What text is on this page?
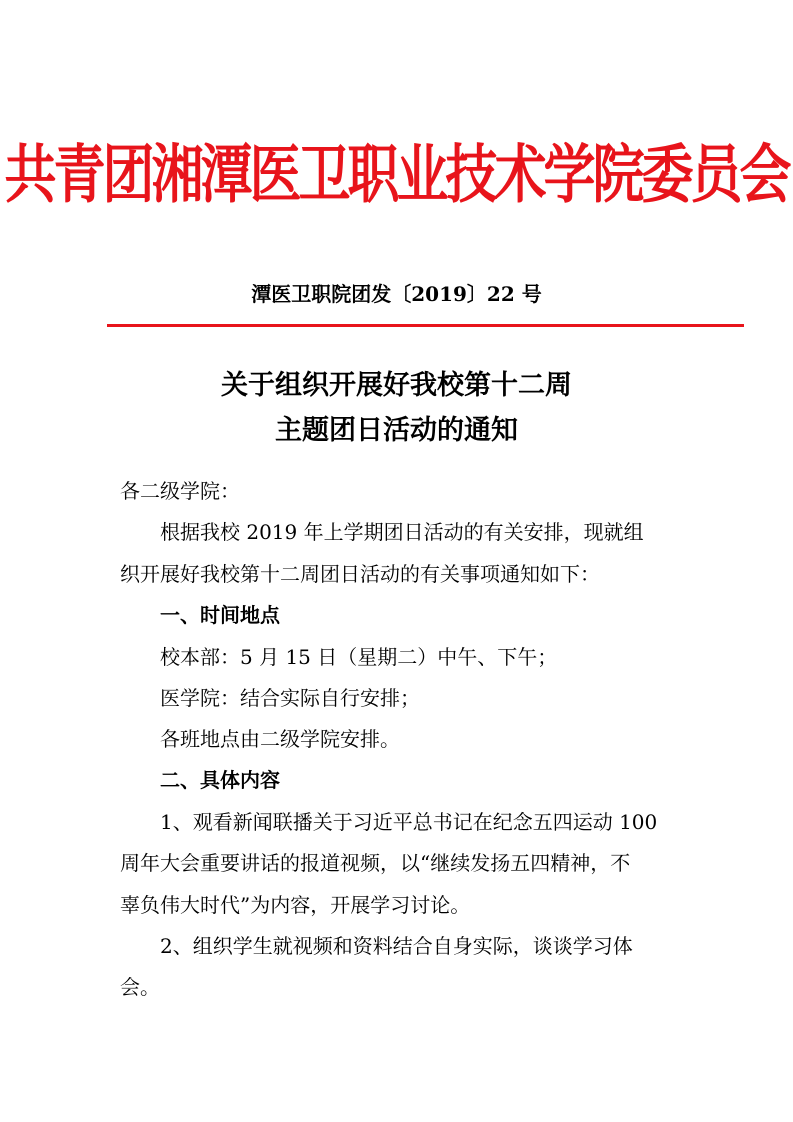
共青团湘潭医卫职业技术学院委员会
潭医卫职院团发〔2019〕22 号
关于组织开展好我校第十二周
主题团日活动的通知
各二级学院：
根据我校 2019 年上学期团日活动的有关安排，现就组
织开展好我校第十二周团日活动的有关事项通知如下：
一、时间地点
校本部：5 月 15 日（星期二）中午、下午；
医学院：结合实际自行安排；
各班地点由二级学院安排。
二、具体内容
1、观看新闻联播关于习近平总书记在纪念五四运动 100
周年大会重要讲话的报道视频，以“继续发扬五四精神，不
辜负伟大时代”为内容，开展学习讨论。
2、组织学生就视频和资料结合自身实际，谈谈学习体
会。
